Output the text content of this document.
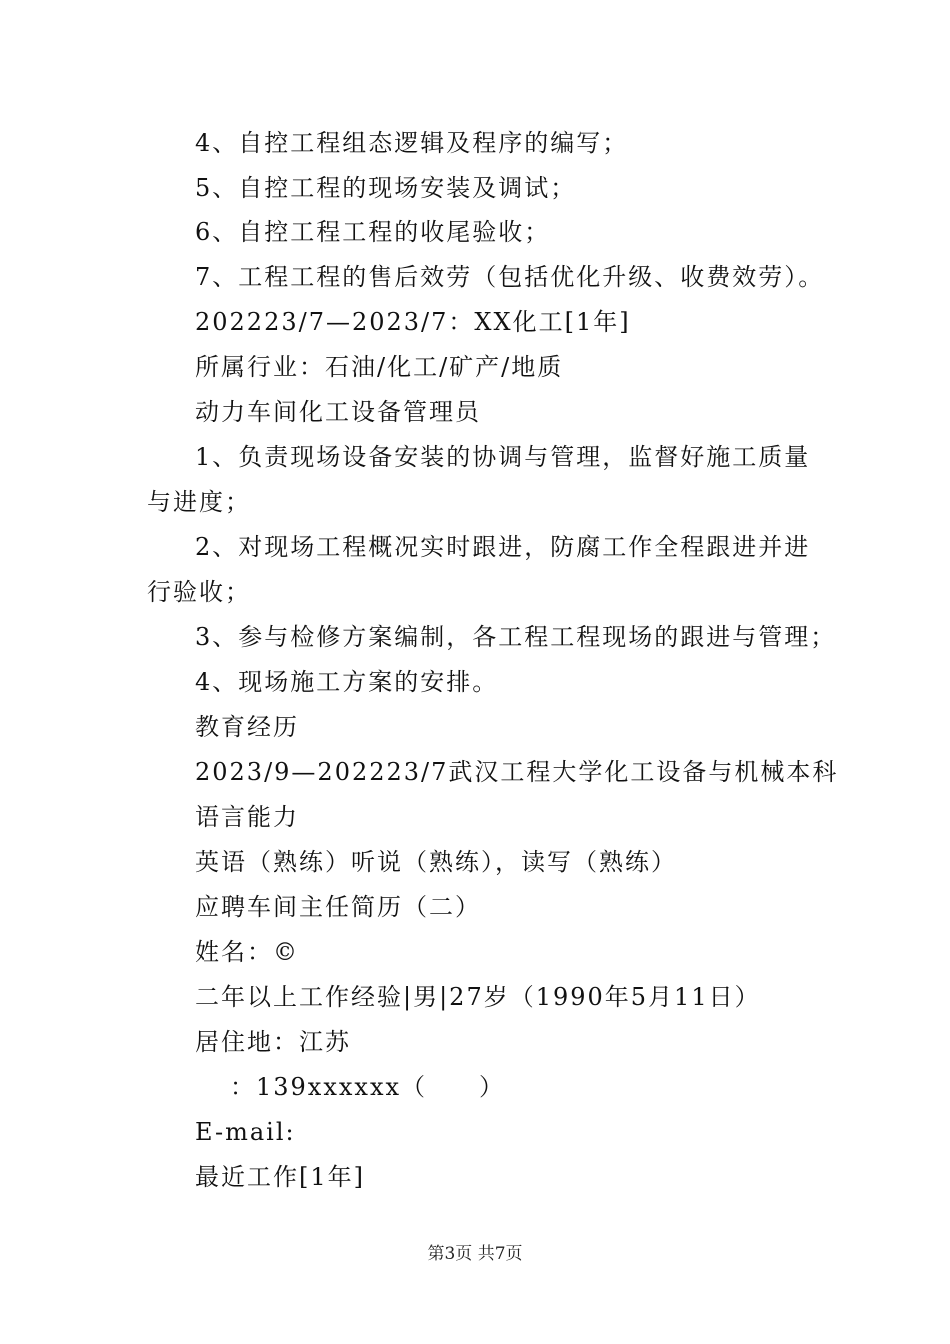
4、自控工程组态逻辑及程序的编写；
5、自控工程的现场安装及调试；
6、自控工程工程的收尾验收；
7、工程工程的售后效劳（包括优化升级、收费效劳）。
202223/7—2023/7：XX化工[1年]
所属行业：石油/化工/矿产/地质
动力车间化工设备管理员
1、负责现场设备安装的协调与管理，监督好施工质量
与进度；
2、对现场工程概况实时跟进，防腐工作全程跟进并进
行验收；
3、参与检修方案编制，各工程工程现场的跟进与管理；
4、现场施工方案的安排。
教育经历
2023/9—202223/7武汉工程大学化工设备与机械本科
语言能力
英语（熟练）听说（熟练），读写（熟练）
应聘车间主任简历（二）
姓名：©
二年以上工作经验|男|27岁（1990年5月11日）
居住地：江苏
：139xxxxxx（　　）
E-mail:
最近工作[1年]
第3页 共7页
